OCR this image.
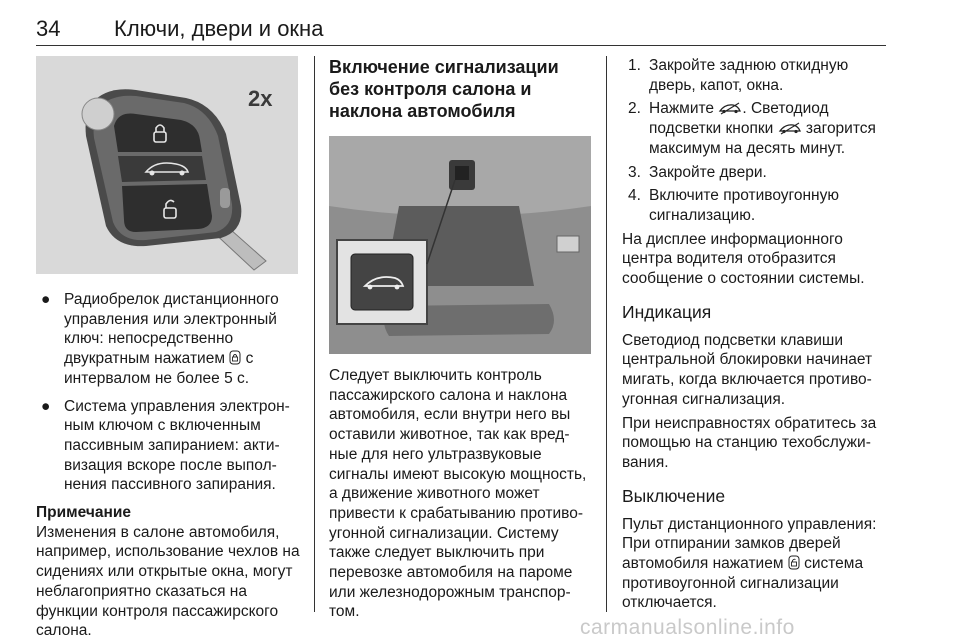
34 Ключи, двери и окна
2x
● Радиобрелок дистанционного управления или электронный ключ: непосредственно двукратным нажатием  с интервалом не более 5 с.
● Система управления электронным ключом с включенным пассивным запиранием: активизация вскоре после выполнения пассивного запирания.

Примечание

Изменения в салоне автомобиля, например, использование чехлов на сидениях или открытые окна, могут неблагоприятно сказаться на функции контроля пассажирского салона.

Включение сигнализации без контроля салона и наклона автомобиля

Следует выключить контроль пассажирского салона и наклона автомобиля, если внутри него вы оставили животное, так как вредные для него ультразвуковые сигналы имеют высокую мощность, а движение животного может привести к срабатыванию противоугонной сигнализации. Систему также следует выключить при перевозке автомобиля на пароме или железнодорожным транспортом.

1. Закройте заднюю откидную дверь, капот, окна.
2. Нажмите . Светодиод подсветки кнопки  загорится максимум на десять минут.
3. Закройте двери.
4. Включите противоугонную сигнализацию.

На дисплее информационного центра водителя отобразится сообщение о состоянии системы.

Индикация

Светодиод подсветки клавиши центральной блокировки начинает мигать, когда включается противоугонная сигнализация.

При неисправностях обратитесь за помощью на станцию техобслуживания.

Выключение

Пульт дистанционного управления: При отпирании замков дверей автомобиля нажатием  система противоугонной сигнализации отключается.

carmanualsonline.info
